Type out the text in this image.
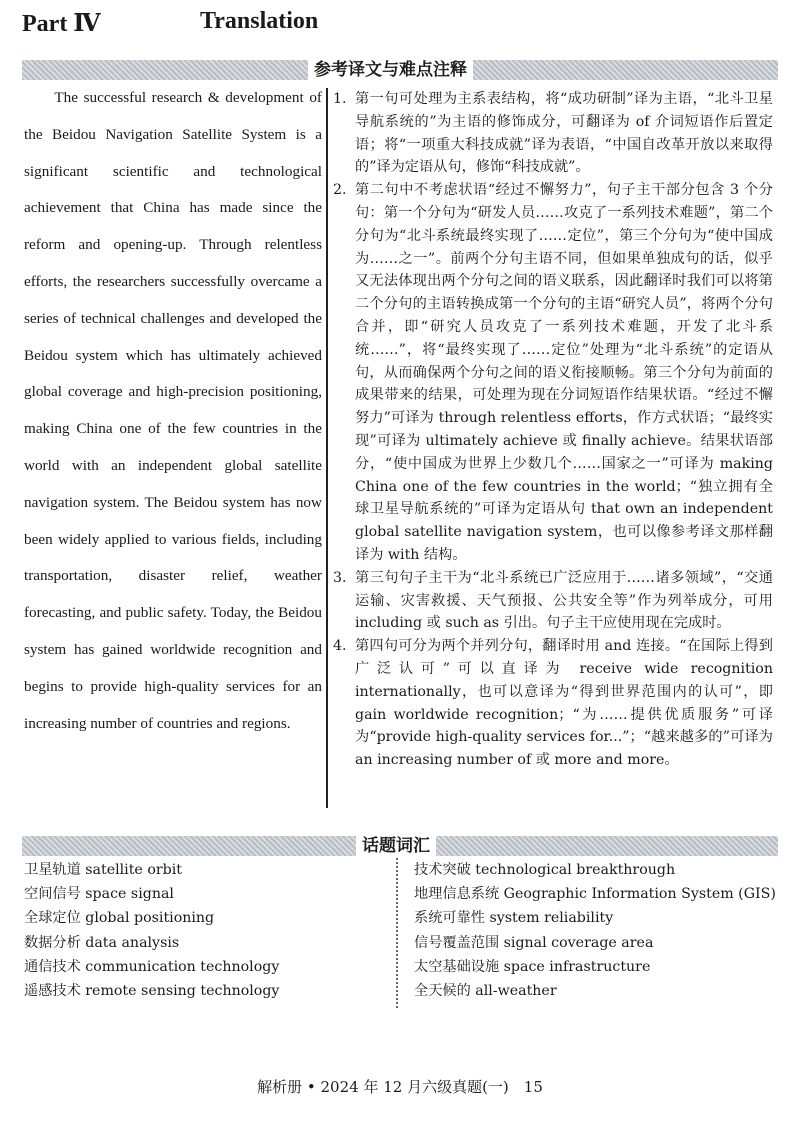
Part Ⅳ	Translation
参考译文与难点注释
The successful research & development of the Beidou Navigation Satellite System is a significant scientific and technological achievement that China has made since the reform and opening-up. Through relentless efforts, the researchers successfully overcame a series of technical challenges and developed the Beidou system which has ultimately achieved global coverage and high-precision positioning, making China one of the few countries in the world with an independent global satellite navigation system. The Beidou system has now been widely applied to various fields, including transportation, disaster relief, weather forecasting, and public safety. Today, the Beidou system has gained worldwide recognition and begins to provide high-quality services for an increasing number of countries and regions.
1. 第一句可处理为主系表结构，将“成功研制”译为主语，“北斗卫星导航系统的”为主语的修饰成分，可翻译为 of 介词短语作后置定语；将“一项重大科技成就”译为表语，“中国自改革开放以来取得的”译为定语从句，修饰“科技成就”。
2. 第二句中不考虑状语“经过不懈努力”，句子主干部分包含 3 个分句：第一个分句为“研发人员……攻克了一系列技术难题”，第二个分句为“北斗系统最终实现了……定位”，第三个分句为“使中国成为……之一”。前两个分句主语不同，但如果单独成句的话，似乎又无法体现出两个分句之间的语义联系，因此翻译时我们可以将第二个分句的主语转换成第一个分句的主语“研究人员”，将两个分句合并，即“研究人员攻克了一系列技术难题，开发了北斗系统……”，将“最终实现了……定位”处理为“北斗系统”的定语从句，从而确保两个分句之间的语义衔接顺畅。第三个分句为前面的成果带来的结果，可处理为现在分词短语作结果状语。“经过不懈努力”可译为 through relentless efforts，作方式状语；“最终实现”可译为 ultimately achieve 或 finally achieve。结果状语部分，“使中国成为世界上少数几个……国家之一”可译为 making China one of the few countries in the world；“独立拥有全球卫星导航系统的”可译为定语从句 that own an independent global satellite navigation system，也可以像参考译文那样翻译为 with 结构。
3. 第三句句子主干为“北斗系统已广泛应用于……诸多领域”，“交通运输、灾害救援、天气预报、公共安全等”作为列举成分，可用 including 或 such as 引出。句子主干应使用现在完成时。
4. 第四句可分为两个并列分句，翻译时用 and 连接。“在国际上得到广泛认可”可以直译为 receive wide recognition internationally，也可以意译为“得到世界范围内的认可”，即 gain worldwide recognition；“为……提供优质服务”可译为“provide high-quality services for...”；“越来越多的”可译为 an increasing number of 或 more and more。
话题词汇
卫星轨道 satellite orbit
空间信号 space signal
全球定位 global positioning
数据分析 data analysis
通信技术 communication technology
遥感技术 remote sensing technology
技术突破 technological breakthrough
地理信息系统 Geographic Information System (GIS)
系统可靠性 system reliability
信号覆盖范围 signal coverage area
太空基础设施 space infrastructure
全天候的 all-weather
解析册 • 2024 年 12 月六级真题(一)　15
